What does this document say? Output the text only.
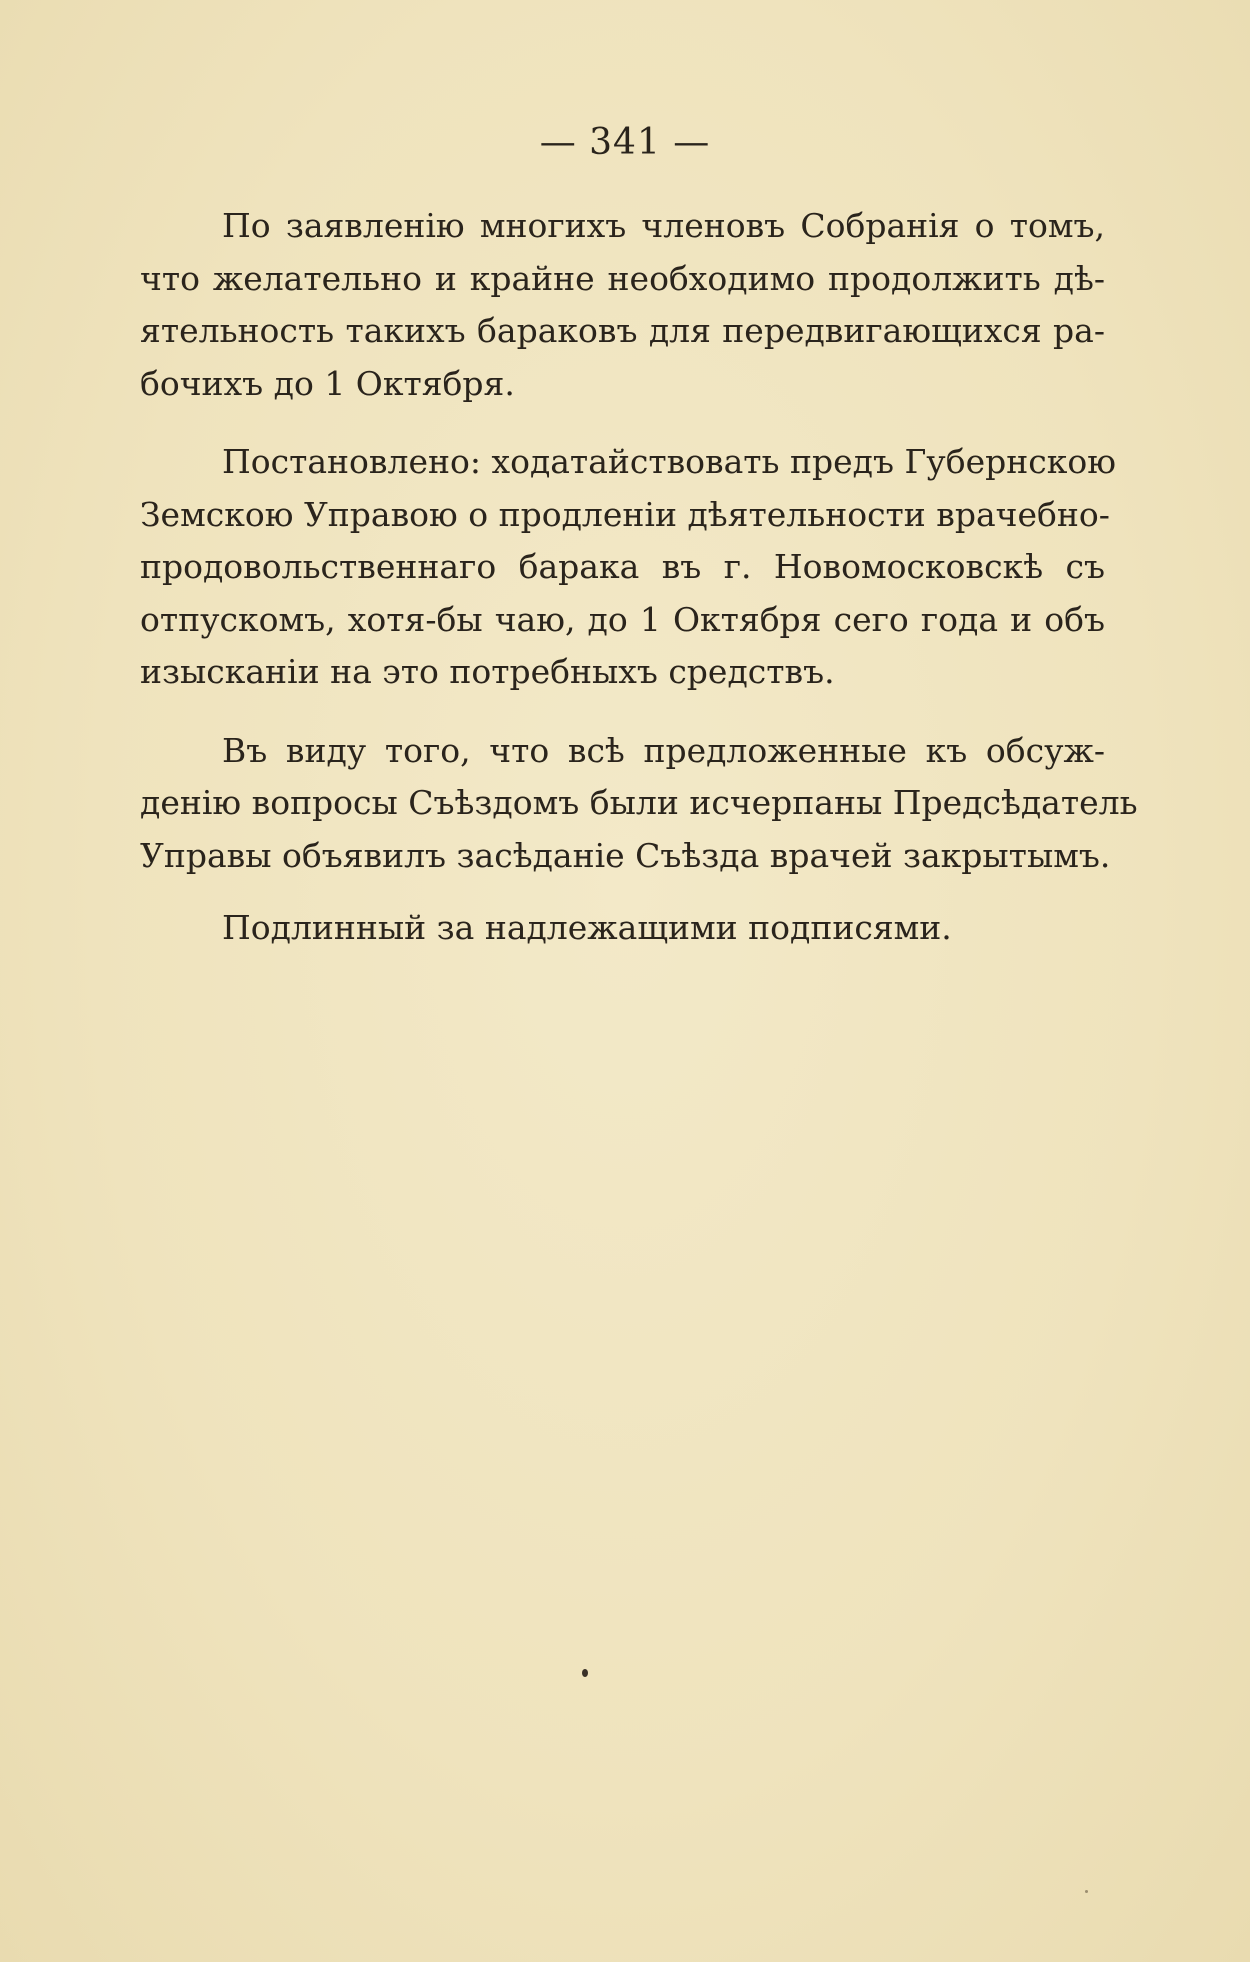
— 341 —
По заявленію многихъ членовъ Собранія о томъ,
что желательно и крайне необходимо продолжить дѣ-
ятельность такихъ бараковъ для передвигающихся ра-
бочихъ до 1 Октября.
Постановлено: ходатайствовать предъ Губернскою
Земскою Управою о продленіи дѣятельности врачебно-
продовольственнаго барака въ г. Новомосковскѣ съ
отпускомъ, хотя-бы чаю, до 1 Октября сего года и объ
изысканіи на это потребныхъ средствъ.
Въ виду того, что всѣ предложенные къ обсуж-
денію вопросы Съѣздомъ были исчерпаны Предсѣдатель
Управы объявилъ засѣданіе Съѣзда врачей закрытымъ.
Подлинный за надлежащими подписями.
